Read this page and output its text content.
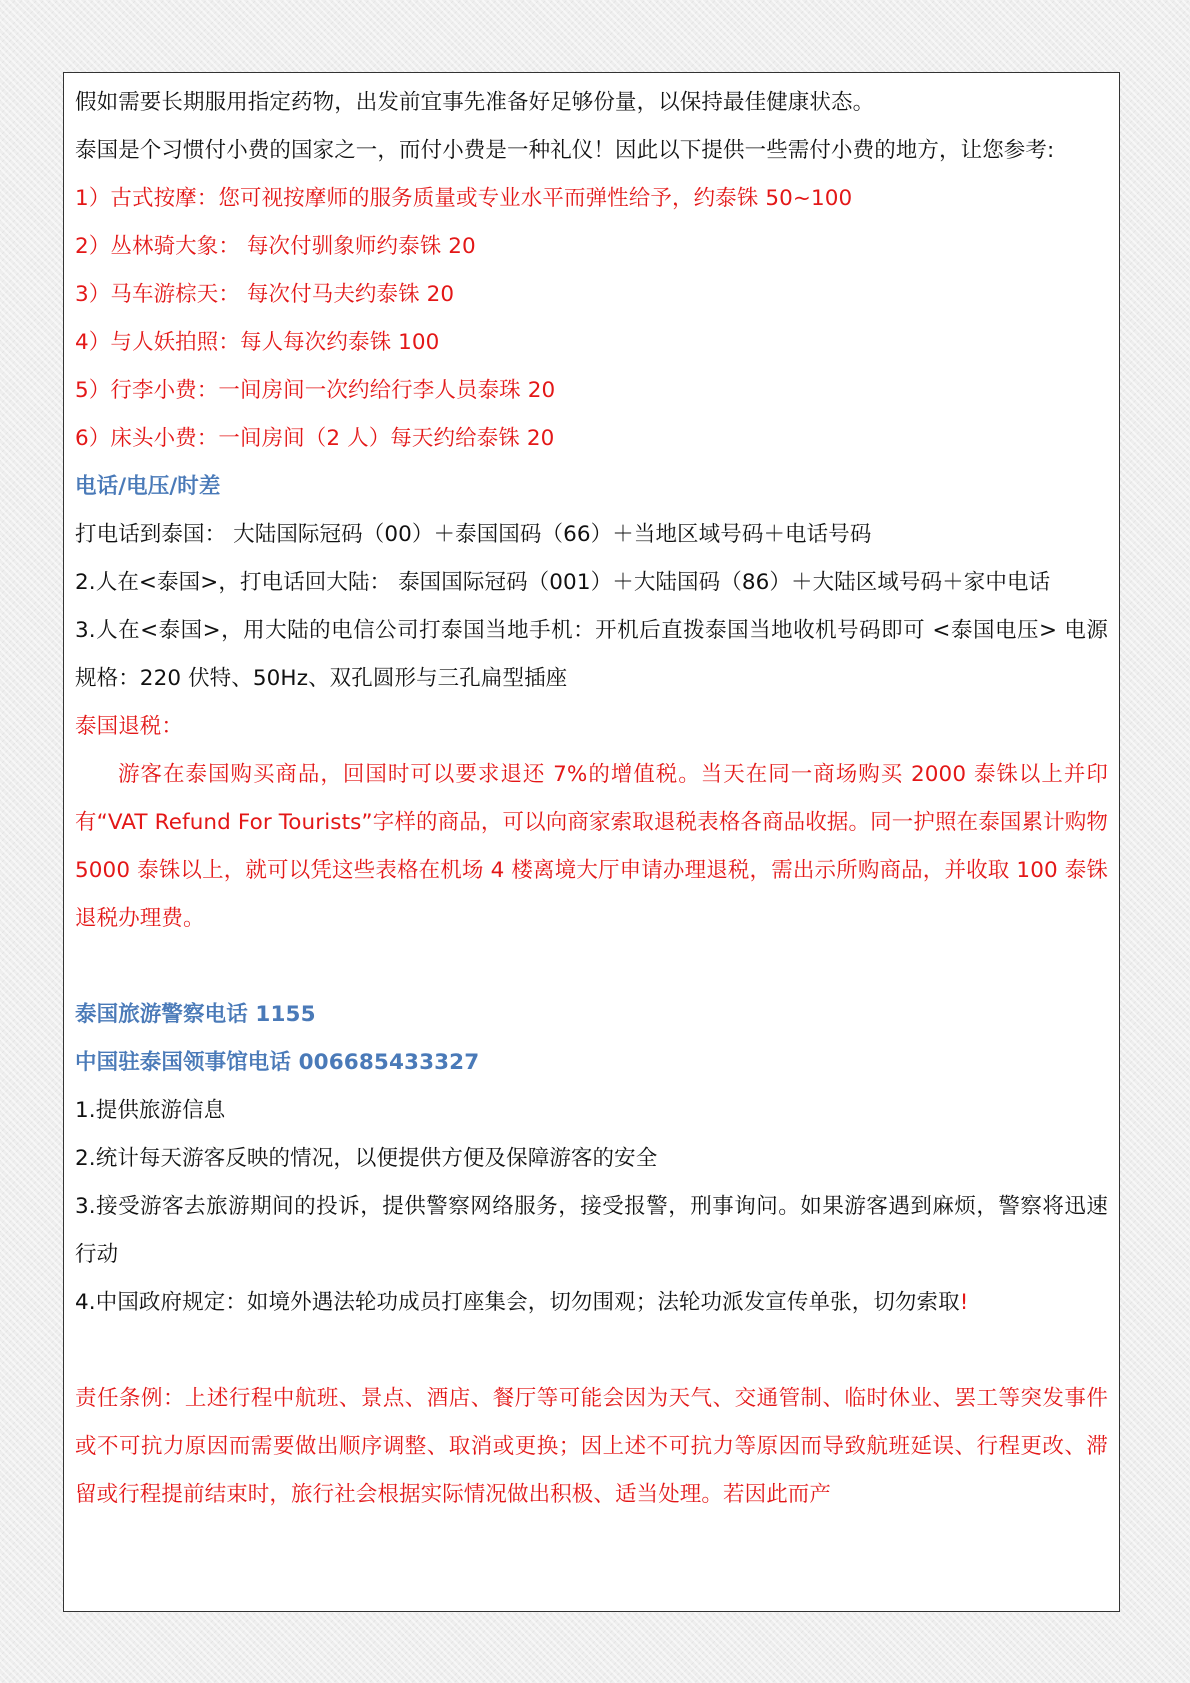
假如需要长期服用指定药物，出发前宜事先准备好足够份量，以保持最佳健康状态。

泰国是个习惯付小费的国家之一，而付小费是一种礼仪！因此以下提供一些需付小费的地方，让您参考:

1）古式按摩：您可视按摩师的服务质量或专业水平而弹性给予，约泰铢 50~100

2）丛林骑大象： 每次付驯象师约泰铢 20

3）马车游棕天： 每次付马夫约泰铢 20

4）与人妖拍照：每人每次约泰铢 100

5）行李小费：一间房间一次约给行李人员泰珠 20

6）床头小费：一间房间（2 人）每天约给泰铢 20

电话/电压/时差

打电话到泰国： 大陆国际冠码（00）＋泰国国码（66）＋当地区域号码＋电话号码

2.人在<泰国>，打电话回大陆： 泰国国际冠码（001）＋大陆国码（86）＋大陆区域号码＋家中电话

3.人在<泰国>，用大陆的电信公司打泰国当地手机：开机后直拨泰国当地收机号码即可 <泰国电压> 电源规格：220 伏特、50Hz、双孔圆形与三孔扁型插座

泰国退税：

游客在泰国购买商品，回国时可以要求退还 7%的增值税。当天在同一商场购买 2000 泰铢以上并印有“VAT Refund For Tourists”字样的商品，可以向商家索取退税表格各商品收据。同一护照在泰国累计购物 5000 泰铢以上，就可以凭这些表格在机场 4 楼离境大厅申请办理退税，需出示所购商品，并收取 100 泰铢退税办理费。

泰国旅游警察电话 1155

中国驻泰国领事馆电话 006685433327

1.提供旅游信息

2.统计每天游客反映的情况，以便提供方便及保障游客的安全

3.接受游客去旅游期间的投诉，提供警察网络服务，接受报警，刑事询问。如果游客遇到麻烦，警察将迅速行动

4.中国政府规定：如境外遇法轮功成员打座集会，切勿围观；法轮功派发宣传单张，切勿索取!

责任条例：上述行程中航班、景点、酒店、餐厅等可能会因为天气、交通管制、临时休业、罢工等突发事件或不可抗力原因而需要做出顺序调整、取消或更换；因上述不可抗力等原因而导致航班延误、行程更改、滞留或行程提前结束时，旅行社会根据实际情况做出积极、适当处理。若因此而产
